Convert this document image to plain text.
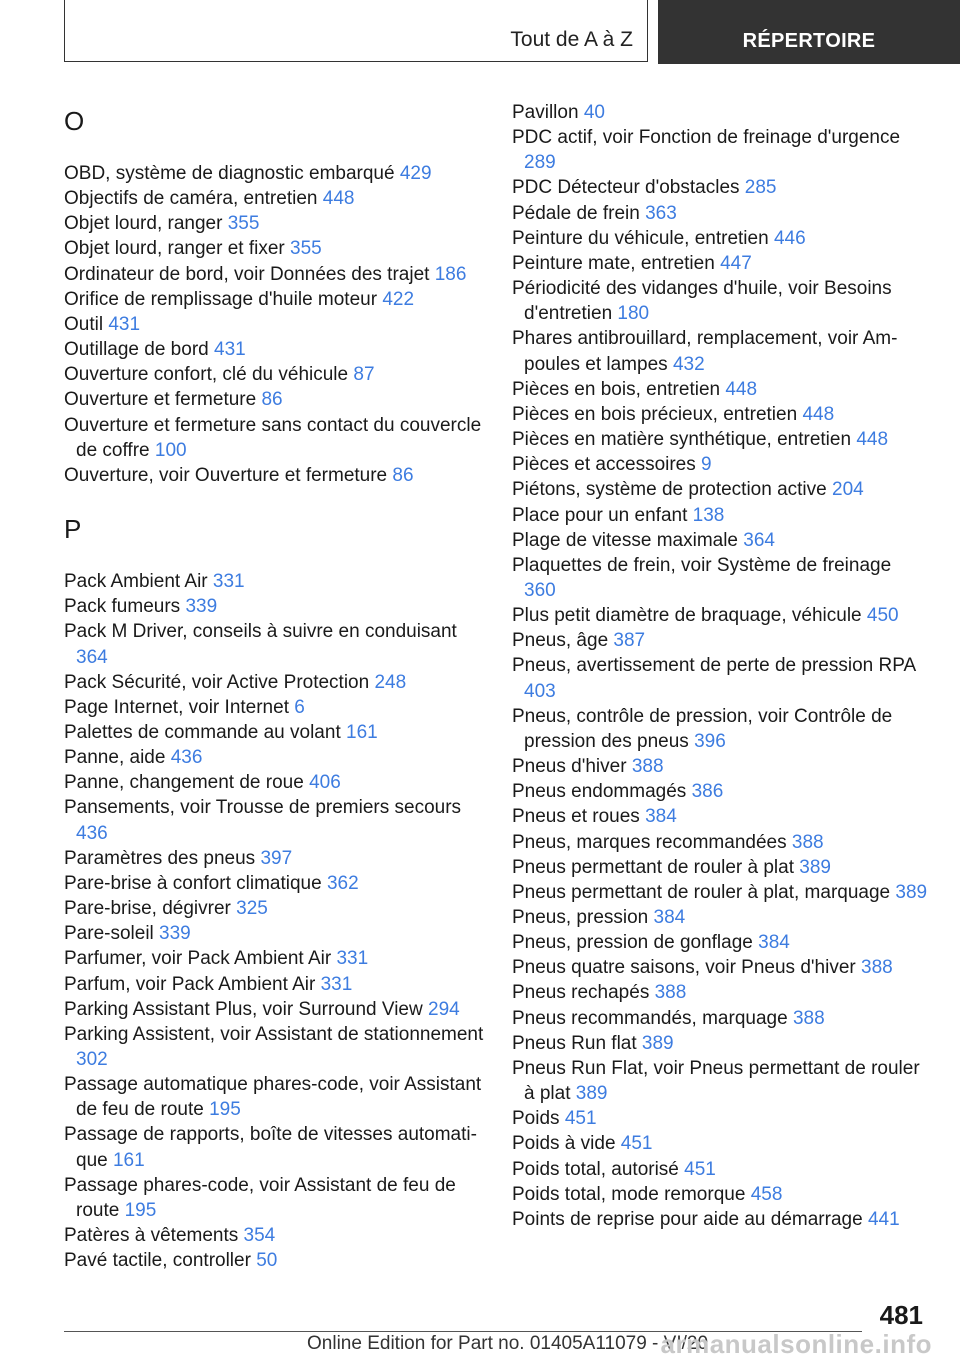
Tout de A à Z	RÉPERTOIRE
O
OBD, système de diagnostic embarqué 429
Objectifs de caméra, entretien 448
Objet lourd, ranger 355
Objet lourd, ranger et fixer 355
Ordinateur de bord, voir Données des trajet 186
Orifice de remplissage d'huile moteur 422
Outil 431
Outillage de bord 431
Ouverture confort, clé du véhicule 87
Ouverture et fermeture 86
Ouverture et fermeture sans contact du couvercle de coffre 100
Ouverture, voir Ouverture et fermeture 86
P
Pack Ambient Air 331
Pack fumeurs 339
Pack M Driver, conseils à suivre en conduisant 364
Pack Sécurité, voir Active Protection 248
Page Internet, voir Internet 6
Palettes de commande au volant 161
Panne, aide 436
Panne, changement de roue 406
Pansements, voir Trousse de premiers secours 436
Paramètres des pneus 397
Pare-brise à confort climatique 362
Pare-brise, dégivrer 325
Pare-soleil 339
Parfumer, voir Pack Ambient Air 331
Parfum, voir Pack Ambient Air 331
Parking Assistant Plus, voir Surround View 294
Parking Assistent, voir Assistant de stationnement 302
Passage automatique phares-code, voir Assistant de feu de route 195
Passage de rapports, boîte de vitesses automatique 161
Passage phares-code, voir Assistant de feu de route 195
Patères à vêtements 354
Pavé tactile, controller 50
Pavillon 40
PDC actif, voir Fonction de freinage d'urgence 289
PDC Détecteur d'obstacles 285
Pédale de frein 363
Peinture du véhicule, entretien 446
Peinture mate, entretien 447
Périodicité des vidanges d'huile, voir Besoins d'entretien 180
Phares antibrouillard, remplacement, voir Ampoules et lampes 432
Pièces en bois, entretien 448
Pièces en bois précieux, entretien 448
Pièces en matière synthétique, entretien 448
Pièces et accessoires 9
Piétons, système de protection active 204
Place pour un enfant 138
Plage de vitesse maximale 364
Plaquettes de frein, voir Système de freinage 360
Plus petit diamètre de braquage, véhicule 450
Pneus, âge 387
Pneus, avertissement de perte de pression RPA 403
Pneus, contrôle de pression, voir Contrôle de pression des pneus 396
Pneus d'hiver 388
Pneus endommagés 386
Pneus et roues 384
Pneus, marques recommandées 388
Pneus permettant de rouler à plat 389
Pneus permettant de rouler à plat, marquage 389
Pneus, pression 384
Pneus, pression de gonflage 384
Pneus quatre saisons, voir Pneus d'hiver 388
Pneus rechapés 388
Pneus recommandés, marquage 388
Pneus Run flat 389
Pneus Run Flat, voir Pneus permettant de rouler à plat 389
Poids 451
Poids à vide 451
Poids total, autorisé 451
Poids total, mode remorque 458
Points de reprise pour aide au démarrage 441
481
Online Edition for Part no. 01405A11079 - VI/20
armanualsonline.info
